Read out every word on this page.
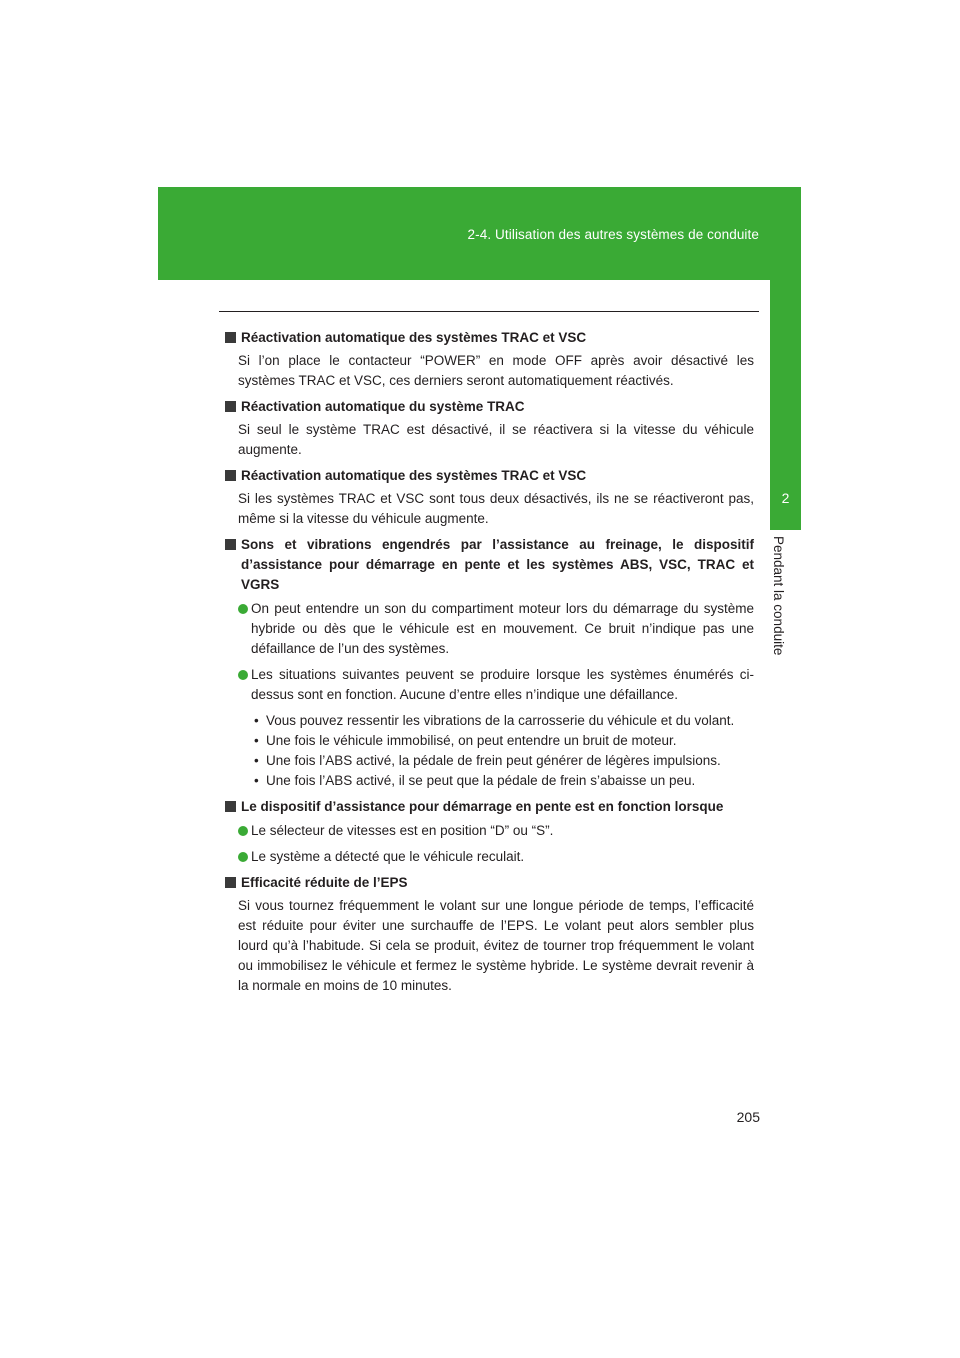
2-4. Utilisation des autres systèmes de conduite
2
Pendant la conduite
Réactivation automatique des systèmes TRAC et VSC
Si l’on place le contacteur “POWER” en mode OFF après avoir désactivé les systèmes TRAC et VSC, ces derniers seront automatiquement réactivés.
Réactivation automatique du système TRAC
Si seul le système TRAC est désactivé, il se réactivera si la vitesse du véhicule augmente.
Réactivation automatique des systèmes TRAC et VSC
Si les systèmes TRAC et VSC sont tous deux désactivés, ils ne se réactiveront pas, même si la vitesse du véhicule augmente.
Sons et vibrations engendrés par l’assistance au freinage, le dispositif d’assistance pour démarrage en pente et les systèmes ABS, VSC, TRAC et VGRS
On peut entendre un son du compartiment moteur lors du démarrage du système hybride ou dès que le véhicule est en mouvement. Ce bruit n’indique pas une défaillance de l’un des systèmes.
Les situations suivantes peuvent se produire lorsque les systèmes énumérés ci-dessus sont en fonction. Aucune d’entre elles n’indique une défaillance.
• Vous pouvez ressentir les vibrations de la carrosserie du véhicule et du volant.
• Une fois le véhicule immobilisé, on peut entendre un bruit de moteur.
• Une fois l’ABS activé, la pédale de frein peut générer de légères impulsions.
• Une fois l’ABS activé, il se peut que la pédale de frein s’abaisse un peu.
Le dispositif d’assistance pour démarrage en pente est en fonction lorsque
Le sélecteur de vitesses est en position “D” ou “S”.
Le système a détecté que le véhicule reculait.
Efficacité réduite de l’EPS
Si vous tournez fréquemment le volant sur une longue période de temps, l’efficacité est réduite pour éviter une surchauffe de l’EPS. Le volant peut alors sembler plus lourd qu’à l’habitude. Si cela se produit, évitez de tourner trop fréquemment le volant ou immobilisez le véhicule et fermez le système hybride. Le système devrait revenir à la normale en moins de 10 minutes.
205
